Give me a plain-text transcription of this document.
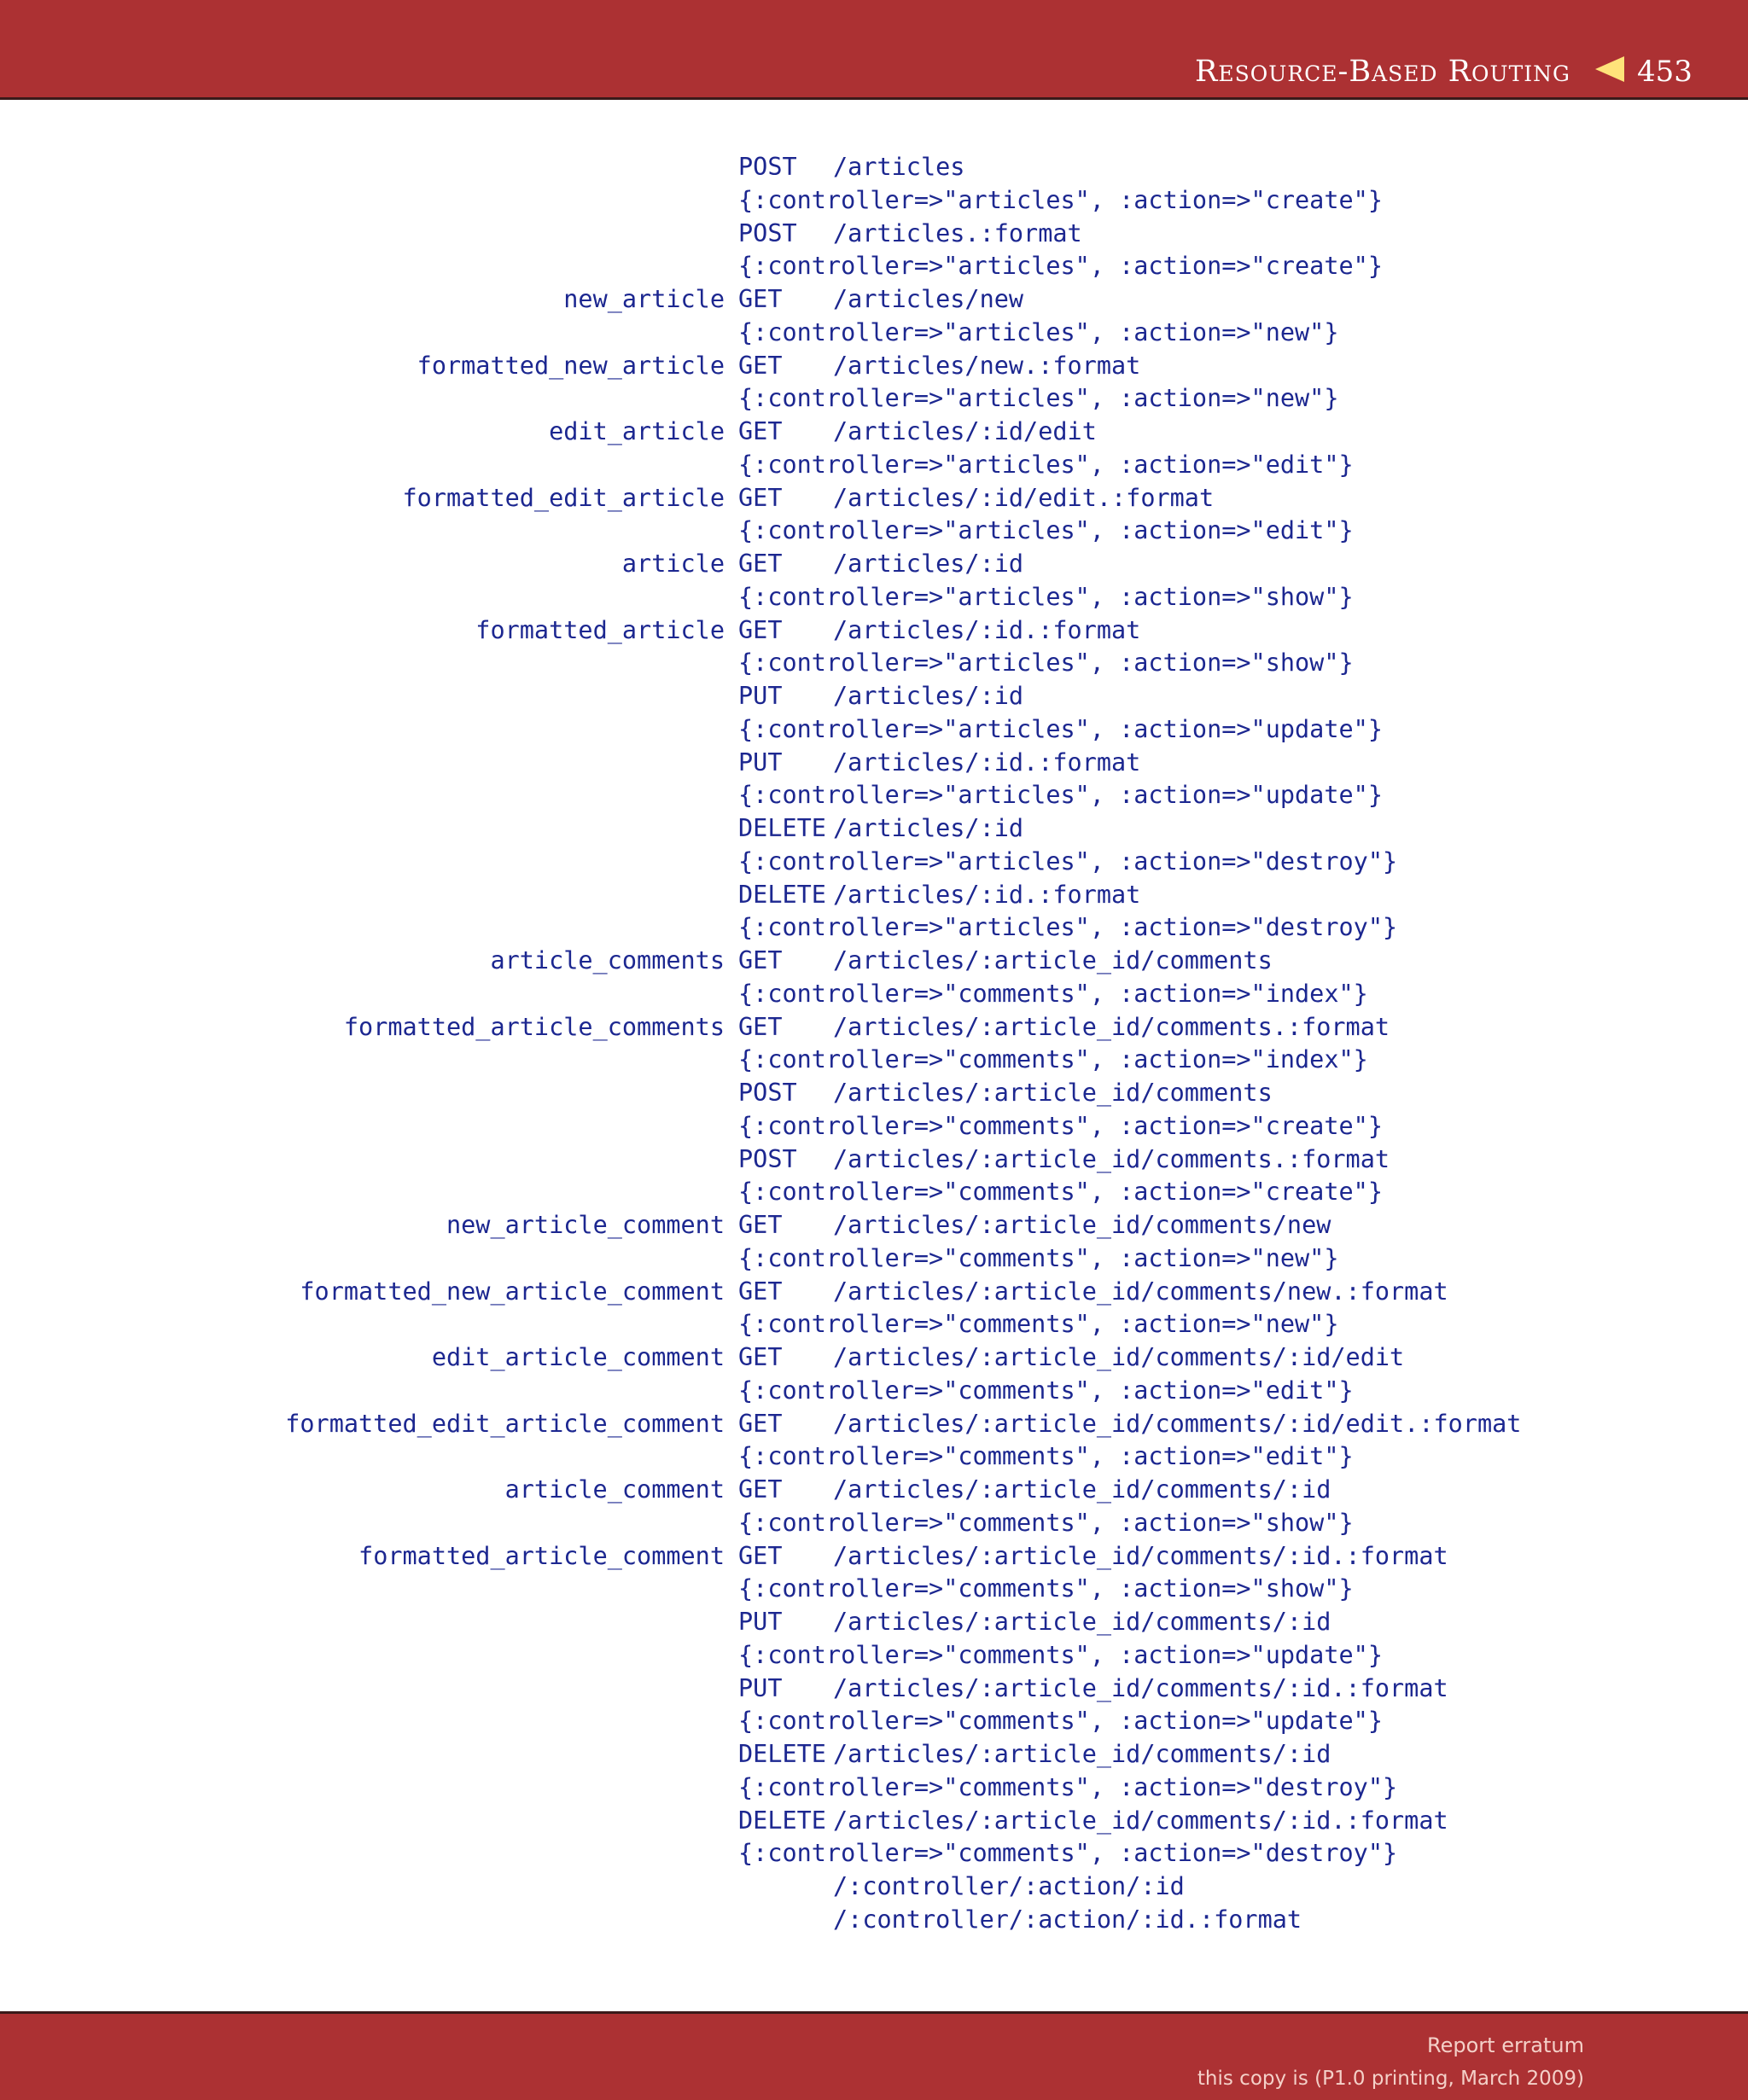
Resource-Based Routing 453
POST /articles
{:controller=>"articles", :action=>"create"}
POST /articles.:format
{:controller=>"articles", :action=>"create"}
new_article GET /articles/new
{:controller=>"articles", :action=>"new"}
formatted_new_article GET /articles/new.:format
{:controller=>"articles", :action=>"new"}
edit_article GET /articles/:id/edit
{:controller=>"articles", :action=>"edit"}
formatted_edit_article GET /articles/:id/edit.:format
{:controller=>"articles", :action=>"edit"}
article GET /articles/:id
{:controller=>"articles", :action=>"show"}
formatted_article GET /articles/:id.:format
{:controller=>"articles", :action=>"show"}
PUT /articles/:id
{:controller=>"articles", :action=>"update"}
PUT /articles/:id.:format
{:controller=>"articles", :action=>"update"}
DELETE /articles/:id
{:controller=>"articles", :action=>"destroy"}
DELETE /articles/:id.:format
{:controller=>"articles", :action=>"destroy"}
article_comments GET /articles/:article_id/comments
{:controller=>"comments", :action=>"index"}
formatted_article_comments GET /articles/:article_id/comments.:format
{:controller=>"comments", :action=>"index"}
POST /articles/:article_id/comments
{:controller=>"comments", :action=>"create"}
POST /articles/:article_id/comments.:format
{:controller=>"comments", :action=>"create"}
new_article_comment GET /articles/:article_id/comments/new
{:controller=>"comments", :action=>"new"}
formatted_new_article_comment GET /articles/:article_id/comments/new.:format
{:controller=>"comments", :action=>"new"}
edit_article_comment GET /articles/:article_id/comments/:id/edit
{:controller=>"comments", :action=>"edit"}
formatted_edit_article_comment GET /articles/:article_id/comments/:id/edit.:format
{:controller=>"comments", :action=>"edit"}
article_comment GET /articles/:article_id/comments/:id
{:controller=>"comments", :action=>"show"}
formatted_article_comment GET /articles/:article_id/comments/:id.:format
{:controller=>"comments", :action=>"show"}
PUT /articles/:article_id/comments/:id
{:controller=>"comments", :action=>"update"}
PUT /articles/:article_id/comments/:id.:format
{:controller=>"comments", :action=>"update"}
DELETE /articles/:article_id/comments/:id
{:controller=>"comments", :action=>"destroy"}
DELETE /articles/:article_id/comments/:id.:format
{:controller=>"comments", :action=>"destroy"}
/:controller/:action/:id
/:controller/:action/:id.:format
Report erratum
this copy is (P1.0 printing, March 2009)
